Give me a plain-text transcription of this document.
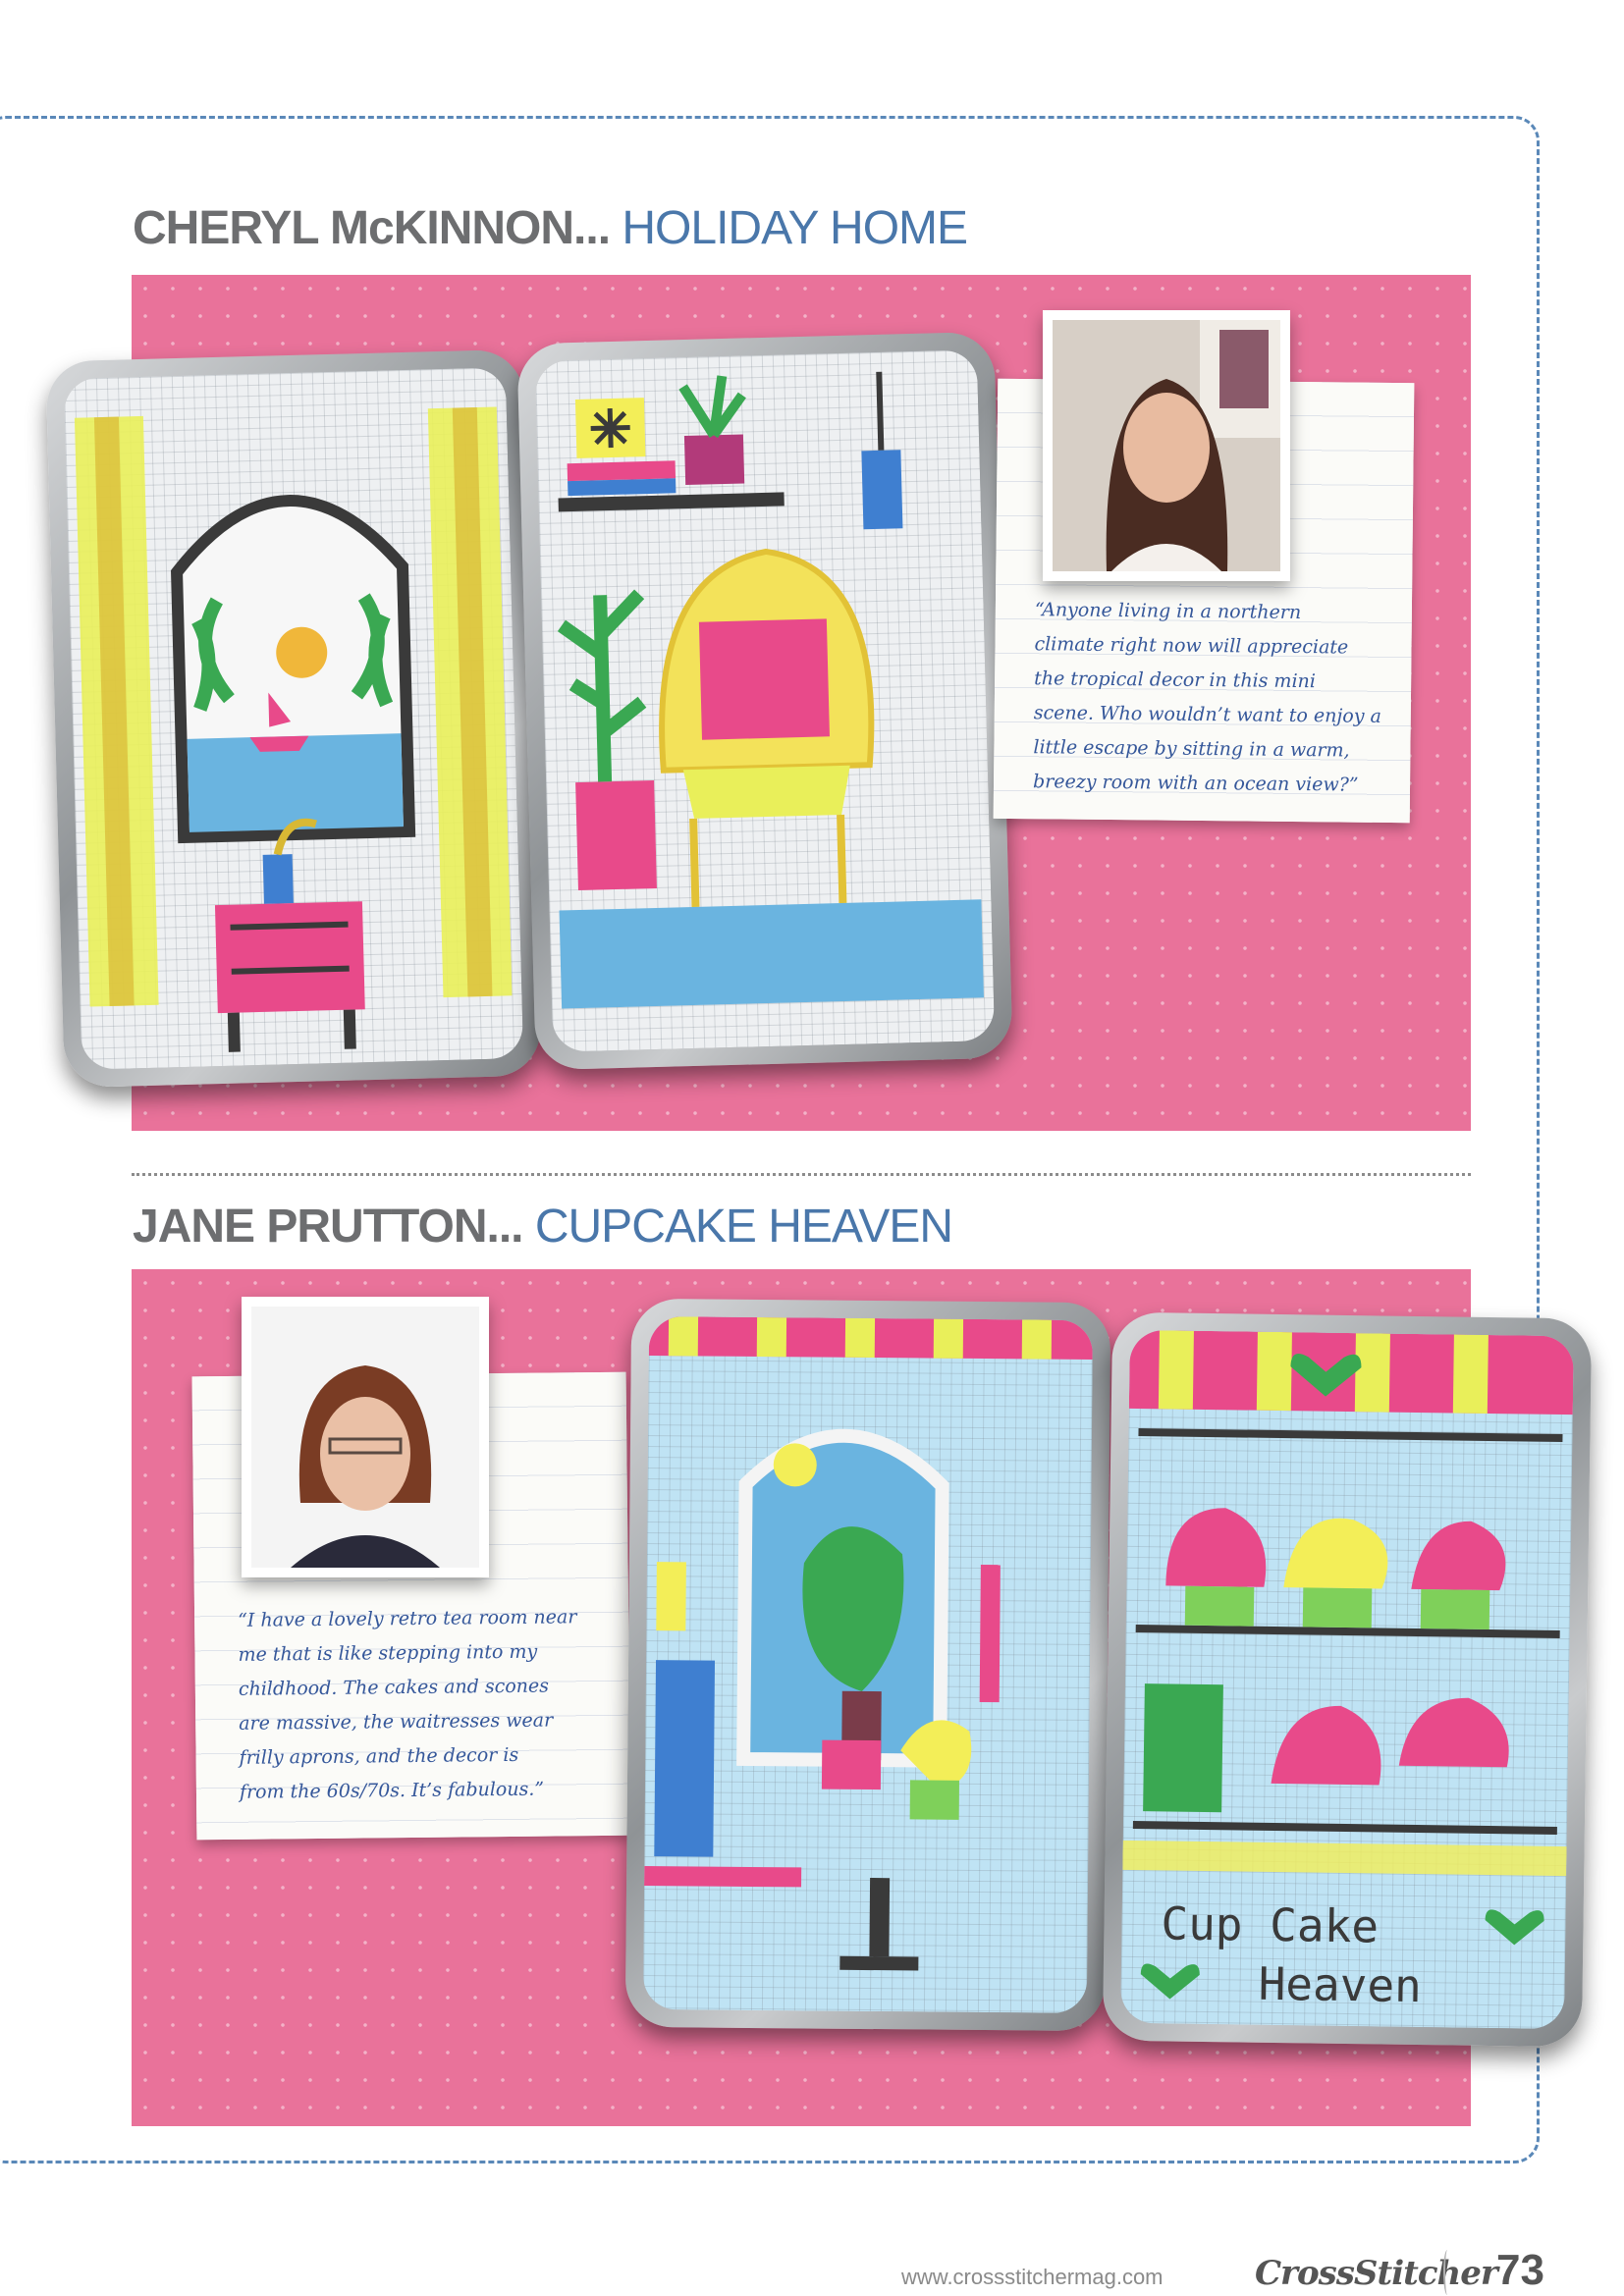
CHERYL McKINNON... HOLIDAY HOME

“Anyone living in a northern
climate right now will appreciate
the tropical decor in this mini
scene. Who wouldn’t want to enjoy a
little escape by sitting in a warm,
breezy room with an ocean view?”

JANE PRUTTON... CUPCAKE HEAVEN

“I have a lovely retro tea room near
me that is like stepping into my
childhood. The cakes and scones
are massive, the waitresses wear
frilly aprons, and the decor is
from the 60s/70s. It’s fabulous.”

Cup Cake
Heaven
www.crossstitchermag.com	CrossStitcher 73
